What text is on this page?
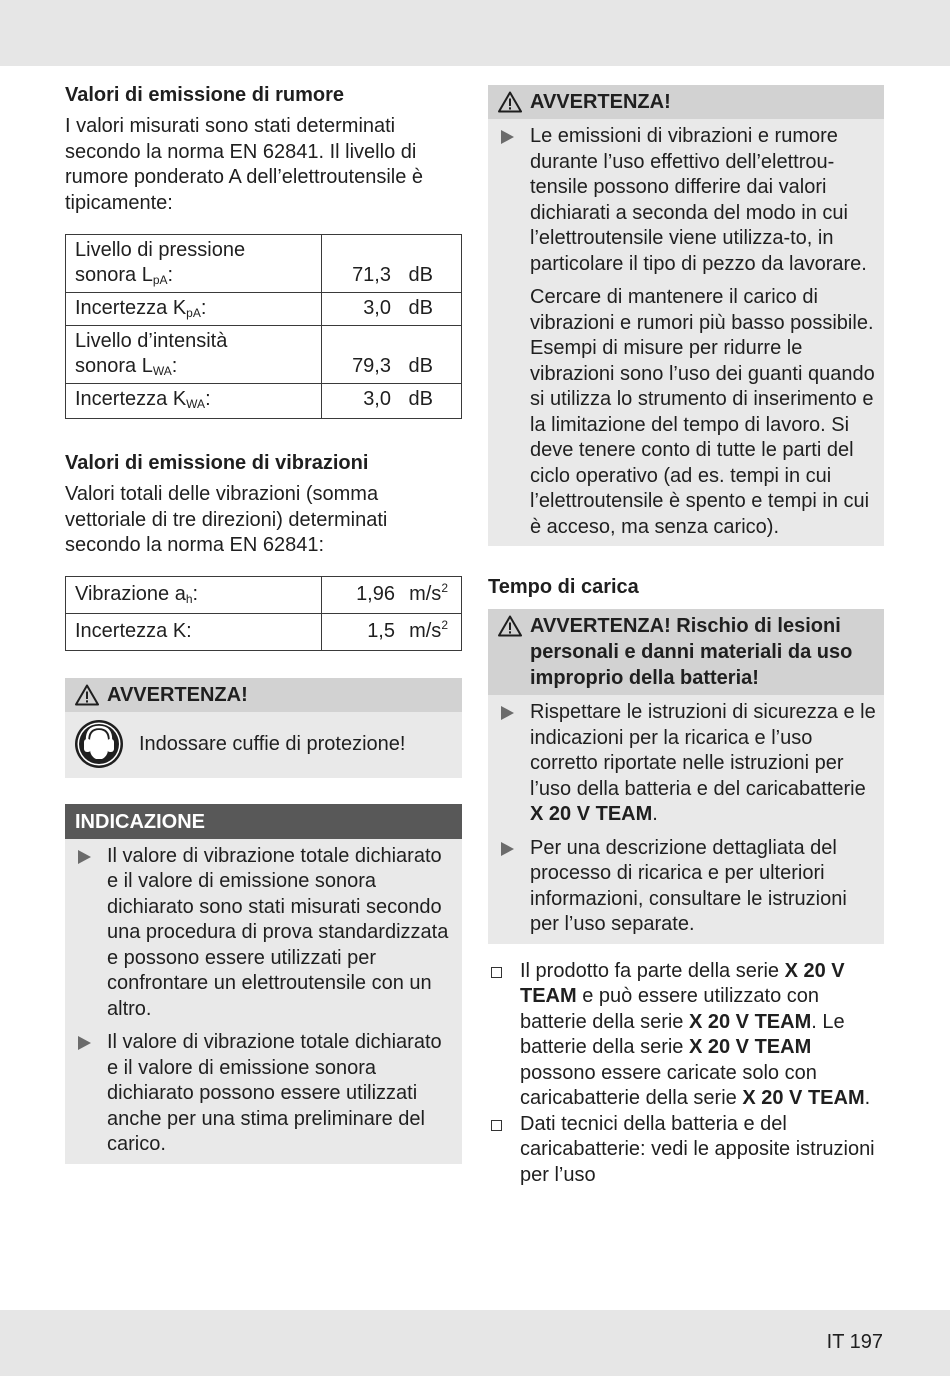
Valori di emissione di rumore
I valori misurati sono stati determinati secondo la norma EN 62841. Il livello di rumore ponderato A dell’elettroutensile è tipicamente:
Livello di pressione
sonora $L_{pA}$:	71,3 dB

Incertezza $K_{pA}$:	3,0 dB

Livello d’intensità
sonora $L_{WA}$:	79,3 dB

Incertezza $K_{WA}$:	3,0 dB
Valori di emissione di vibrazioni
Valori totali delle vibrazioni (somma vettoriale di tre direzioni) determinati secondo la norma EN 62841:
Vibrazione $a_h$:	1,96 $m/s^2$

Incertezza K:	1,5 $m/s^2$
AVVERTENZA!
Indossare cuffie di protezione!
INDICAZIONE
Il valore di vibrazione totale dichiarato e il valore di emissione sonora dichiarato sono stati misurati secondo una procedura di prova standardizzata e possono essere utilizzati per confrontare un elettroutensile con un altro.
Il valore di vibrazione totale dichiarato e il valore di emissione sonora dichiarato possono essere utilizzati anche per una stima preliminare del carico.
AVVERTENZA!
Le emissioni di vibrazioni e rumore durante l’uso effettivo dell’elettrou-tensile possono differire dai valori dichiarati a seconda del modo in cui l’elettroutensile viene utilizza-to, in particolare il tipo di pezzo da lavorare.
Cercare di mantenere il carico di vibrazioni e rumori più basso possibile. Esempi di misure per ridurre le vibrazioni sono l’uso dei guanti quando si utilizza lo strumento di inserimento e la limitazione del tempo di lavoro. Si deve tenere conto di tutte le parti del ciclo operativo (ad es. tempi in cui l’elettroutensile è spento e tempi in cui è acceso, ma senza carico).
Tempo di carica
AVVERTENZA! Rischio di lesioni personali e danni materiali da uso improprio della batteria!
Rispettare le istruzioni di sicurezza e le indicazioni per la ricarica e l’uso corretto riportate nelle istruzioni per l’uso della batteria e del caricabatterie X 20 V TEAM.
Per una descrizione dettagliata del processo di ricarica e per ulteriori informazioni, consultare le istruzioni per l’uso separate.
Il prodotto fa parte della serie X 20 V TEAM e può essere utilizzato con batterie della serie X 20 V TEAM. Le batterie della serie X 20 V TEAM possono essere caricate solo con caricabatterie della serie X 20 V TEAM.
Dati tecnici della batteria e del caricabatterie: vedi le apposite istruzioni per l’uso
IT 197
